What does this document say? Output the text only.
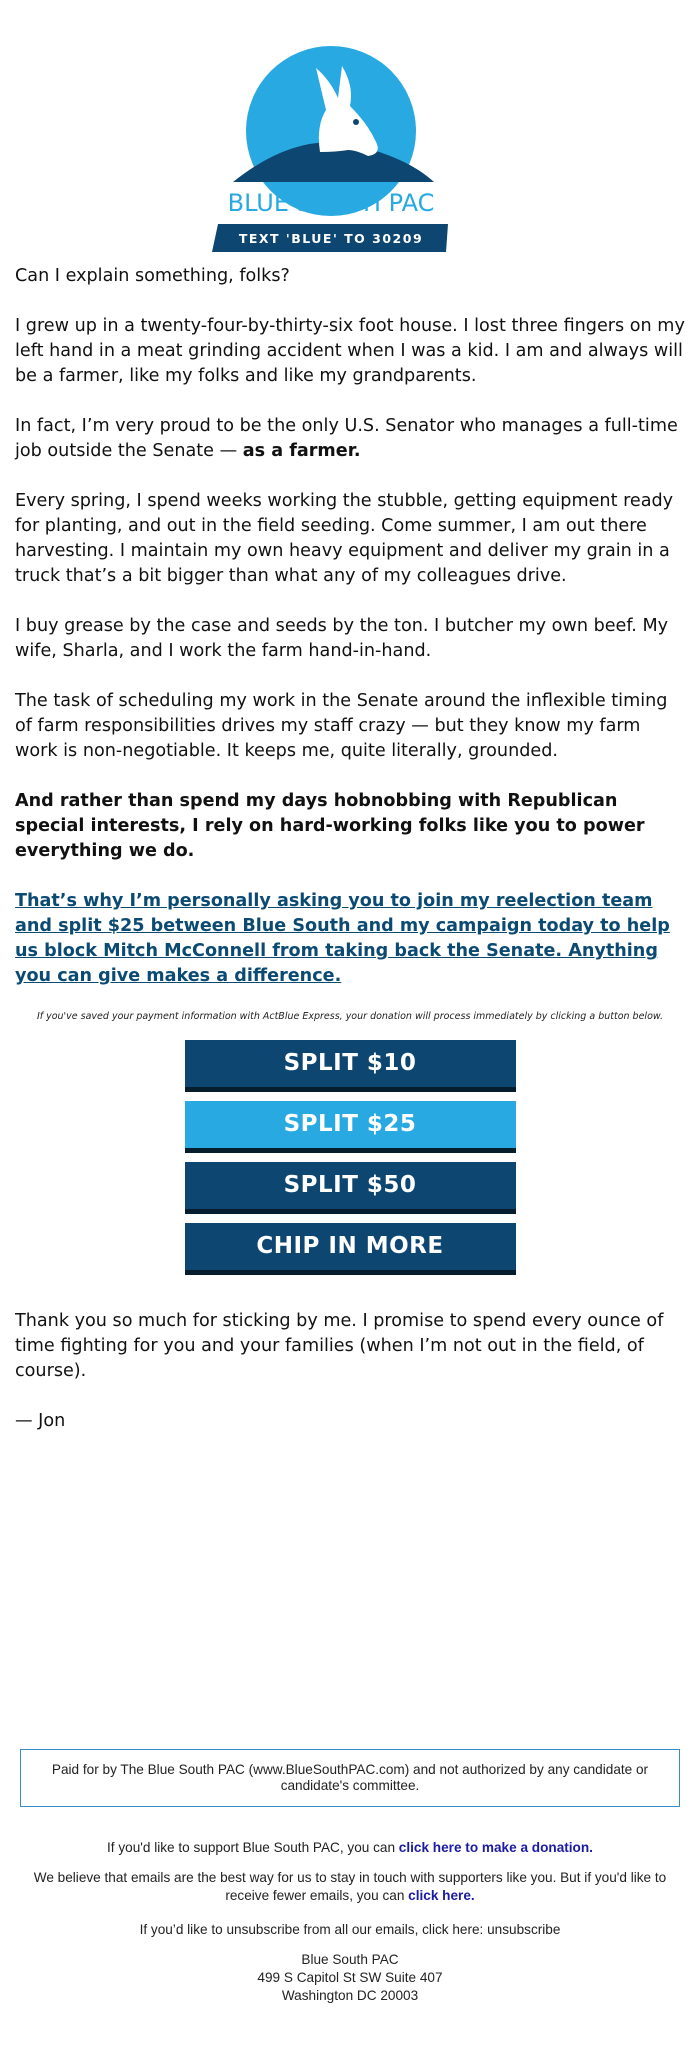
BLUE SOUTH PAC
TEXT 'BLUE' TO 30209

Can I explain something, folks?

I grew up in a twenty-four-by-thirty-six foot house. I lost three fingers on my left hand in a meat grinding accident when I was a kid. I am and always will be a farmer, like my folks and like my grandparents.

In fact, I’m very proud to be the only U.S. Senator who manages a full-time job outside the Senate — as a farmer.

Every spring, I spend weeks working the stubble, getting equipment ready for planting, and out in the field seeding. Come summer, I am out there harvesting. I maintain my own heavy equipment and deliver my grain in a truck that’s a bit bigger than what any of my colleagues drive.

I buy grease by the case and seeds by the ton. I butcher my own beef. My wife, Sharla, and I work the farm hand-in-hand.

The task of scheduling my work in the Senate around the inflexible timing of farm responsibilities drives my staff crazy — but they know my farm work is non-negotiable. It keeps me, quite literally, grounded.

And rather than spend my days hobnobbing with Republican special interests, I rely on hard-working folks like you to power everything we do.

That’s why I’m personally asking you to join my reelection team and split $25 between Blue South and my campaign today to help us block Mitch McConnell from taking back the Senate. Anything you can give makes a difference.

If you've saved your payment information with ActBlue Express, your donation will process immediately by clicking a button below.
SPLIT $10
SPLIT $25
SPLIT $50
CHIP IN MORE

Thank you so much for sticking by me. I promise to spend every ounce of time fighting for you and your families (when I’m not out in the field, of course).

— Jon

Paid for by The Blue South PAC (www.BlueSouthPAC.com) and not authorized by any candidate or candidate's committee.

If you'd like to support Blue South PAC, you can click here to make a donation.

We believe that emails are the best way for us to stay in touch with supporters like you. But if you'd like to receive fewer emails, you can click here.

If you’d like to unsubscribe from all our emails, click here: unsubscribe

Blue South PAC
499 S Capitol St SW Suite 407
Washington DC 20003
